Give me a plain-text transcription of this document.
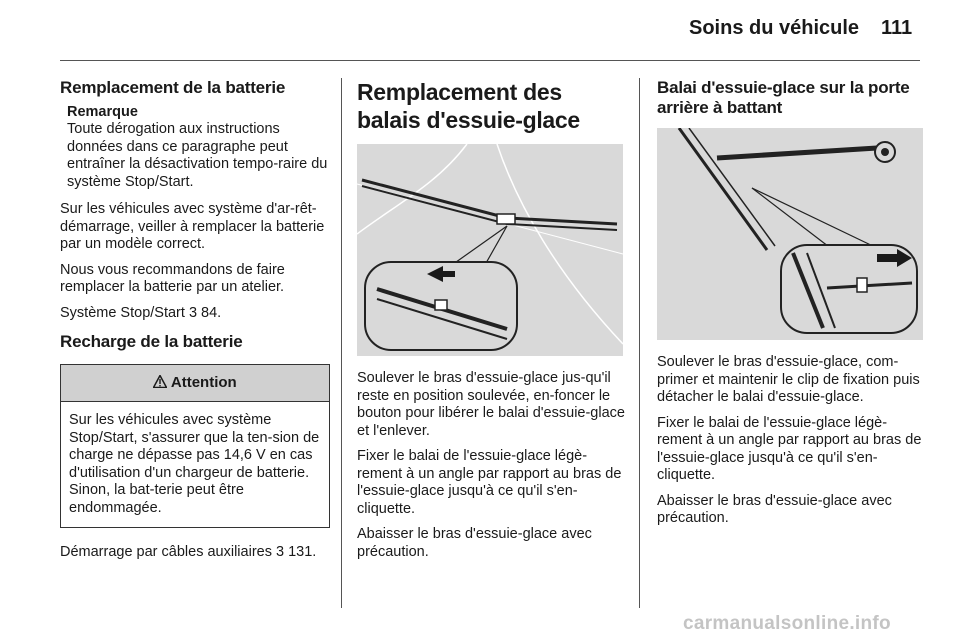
Soins du véhicule 111
Remplacement de la batterie
Remarque
Toute dérogation aux instructions données dans ce paragraphe peut entraîner la désactivation tempo-raire du système Stop/Start.
Sur les véhicules avec système d'ar-rêt-démarrage, veiller à remplacer la batterie par un modèle correct.
Nous vous recommandons de faire remplacer la batterie par un atelier.
Système Stop/Start 3 84.
Recharge de la batterie
Attention
Sur les véhicules avec système Stop/Start, s'assurer que la ten-sion de charge ne dépasse pas 14,6 V en cas d'utilisation d'un chargeur de batterie. Sinon, la bat-terie peut être endommagée.
Démarrage par câbles auxiliaires 3 131.
Remplacement des balais d'essuie-glace
Soulever le bras d'essuie-glace jus-qu'il reste en position soulevée, en-foncer le bouton pour libérer le balai d'essuie-glace et l'enlever.
Fixer le balai de l'essuie-glace légè-rement à un angle par rapport au bras de l'essuie-glace jusqu'à ce qu'il s'en-cliquette.
Abaisser le bras d'essuie-glace avec précaution.
Balai d'essuie-glace sur la porte arrière à battant
Soulever le bras d'essuie-glace, com-primer et maintenir le clip de fixation puis détacher le balai d'essuie-glace.
Fixer le balai de l'essuie-glace légè-rement à un angle par rapport au bras de l'essuie-glace jusqu'à ce qu'il s'en-cliquette.
Abaisser le bras d'essuie-glace avec précaution.
carmanualsonline.info
